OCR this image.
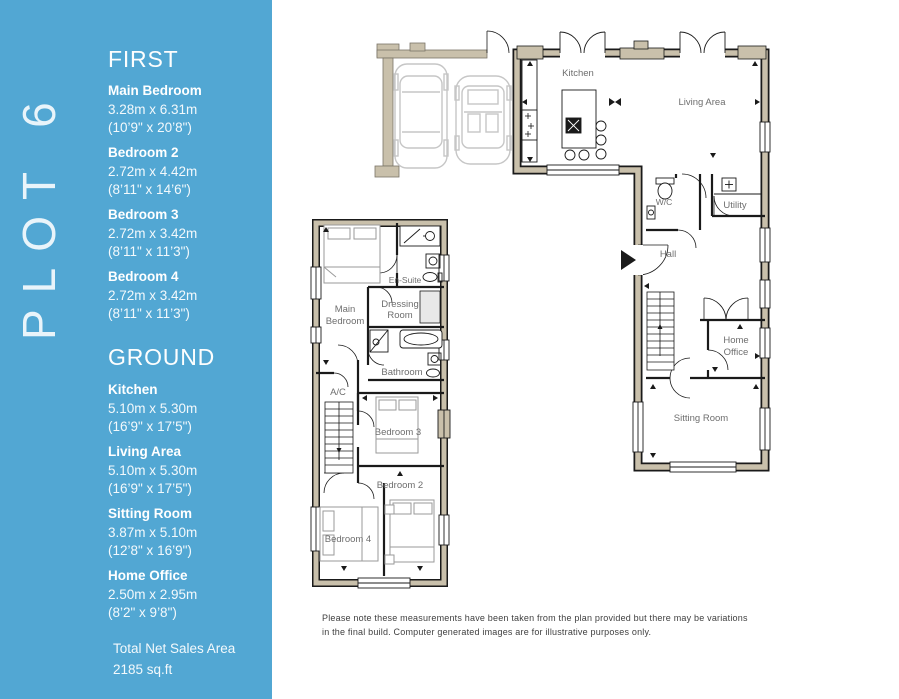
PLOT 6
FIRST
Main Bedroom
3.28m x 6.31m
(10’9" x 20’8")
Bedroom 2
2.72m x 4.42m
(8’11" x 14’6")
Bedroom 3
2.72m x 3.42m
(8’11" x 11’3")
Bedroom 4
2.72m x 3.42m
(8’11" x 11’3")
GROUND
Kitchen
5.10m x 5.30m
(16’9" x 17’5")
Living Area
5.10m x 5.30m
(16’9" x 17’5")
Sitting Room
3.87m x 5.10m
(12’8" x 16’9")
Home Office
2.50m x 2.95m
(8’2" x 9’8")
Total Net Sales Area
2185 sq.ft
Main
Bedroom
En-Suite
Dressing
Room
Bathroom
A/C
Bedroom 3
Bedroom 2
Bedroom 4
Kitchen
Living Area
W/C	Utility
Hall
Home
Office
Sitting Room
Please note these measurements have been taken from the plan provided but there may be variations
in the final build. Computer generated images are for illustrative purposes only.
